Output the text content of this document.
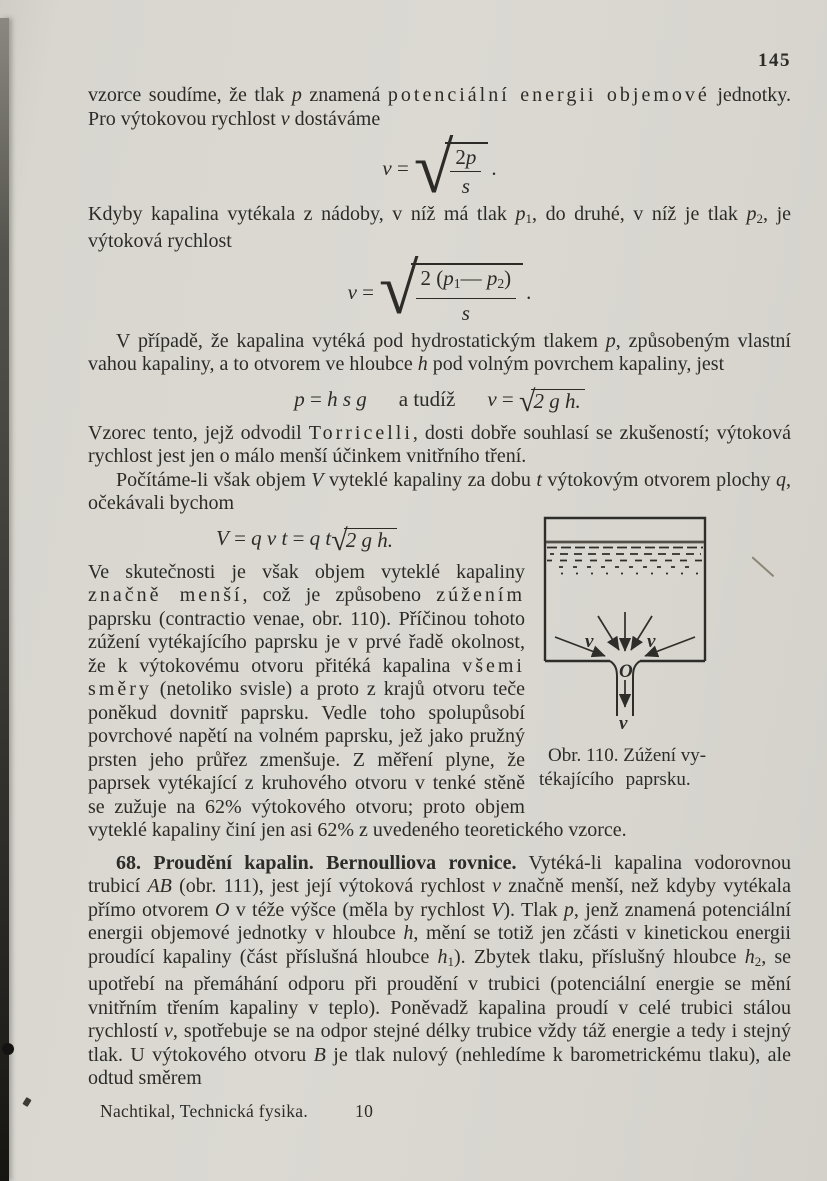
145

vzorce soudíme, že tlak p znamená potenciální energii objemové jednotky. Pro výtokovou rychlost v dostáváme

v = √
$\frac{2p}{s}$ .

Kdyby kapalina vytékala z nádoby, v níž má tlak $p_1$, do druhé, v níž je tlak $p_2$, je výtoková rychlost

v = √
$\frac{2 (p_1— p_2)}{s}$ .

V případě, že kapalina vytéká pod hydrostatickým tlakem p, způsobeným vlastní vahou kapaliny, a to otvorem ve hloubce h pod volným povrchem kapaliny, jest

p = h s g a tudíž v = √
2 g h.

Vzorec tento, jejž odvodil Torricelli, dosti dobře souhlasí se zkušeností; výtoková rychlost jest jen o málo menší účinkem vnitřního tření.

Počítáme-li však objem V vyteklé kapaliny za dobu t výtokovým otvorem plochy q, očekávali bychom

v	v
O
v
Obr. 110. Zúžení vy-
tékajícího paprsku.
V = q v t = q t √
2 g h.

Ve skutečnosti je však objem vyteklé kapaliny značně menší, což je způsobeno zúžením paprsku (contractio venae, obr. 110). Příčinou tohoto zúžení vytékajícího paprsku je v prvé řadě okolnost, že k výtokovému otvoru přitéká kapalina všemi směry (netoliko svisle) a proto z krajů otvoru teče poněkud dovnitř paprsku. Vedle toho spolupůsobí povrchové napětí na volném paprsku, jež jako pružný prsten jeho průřez zmenšuje. Z měření plyne, že paprsek vytékající z kruhového otvoru v tenké stěně se zužuje na 62% výtokového otvoru; proto objem vyteklé kapaliny činí jen asi 62% z uvedeného teoretického vzorce.

68. Proudění kapalin. Bernoulliova rovnice. Vytéká-li kapalina vodorovnou trubicí AB (obr. 111), jest její výtoková rychlost v značně menší, než kdyby vytékala přímo otvorem O v téže výšce (měla by rychlost V). Tlak p, jenž znamená potenciální energii objemové jednotky v hloubce h, mění se totiž jen zčásti v kinetickou energii proudící kapaliny (část příslušná hloubce $h_1$). Zbytek tlaku, příslušný hloubce $h_2$, se upotřebí na přemáhání odporu při proudění v trubici (potenciální energie se mění vnitřním třením kapaliny v teplo). Poněvadž kapalina proudí v celé trubici stálou rychlostí v, spotřebuje se na odpor stejné délky trubice vždy táž energie a tedy i stejný tlak. U výtokového otvoru B je tlak nulový (nehledíme k barometrickému tlaku), ale odtud směrem

Nachtikal, Technická fysika.	10
